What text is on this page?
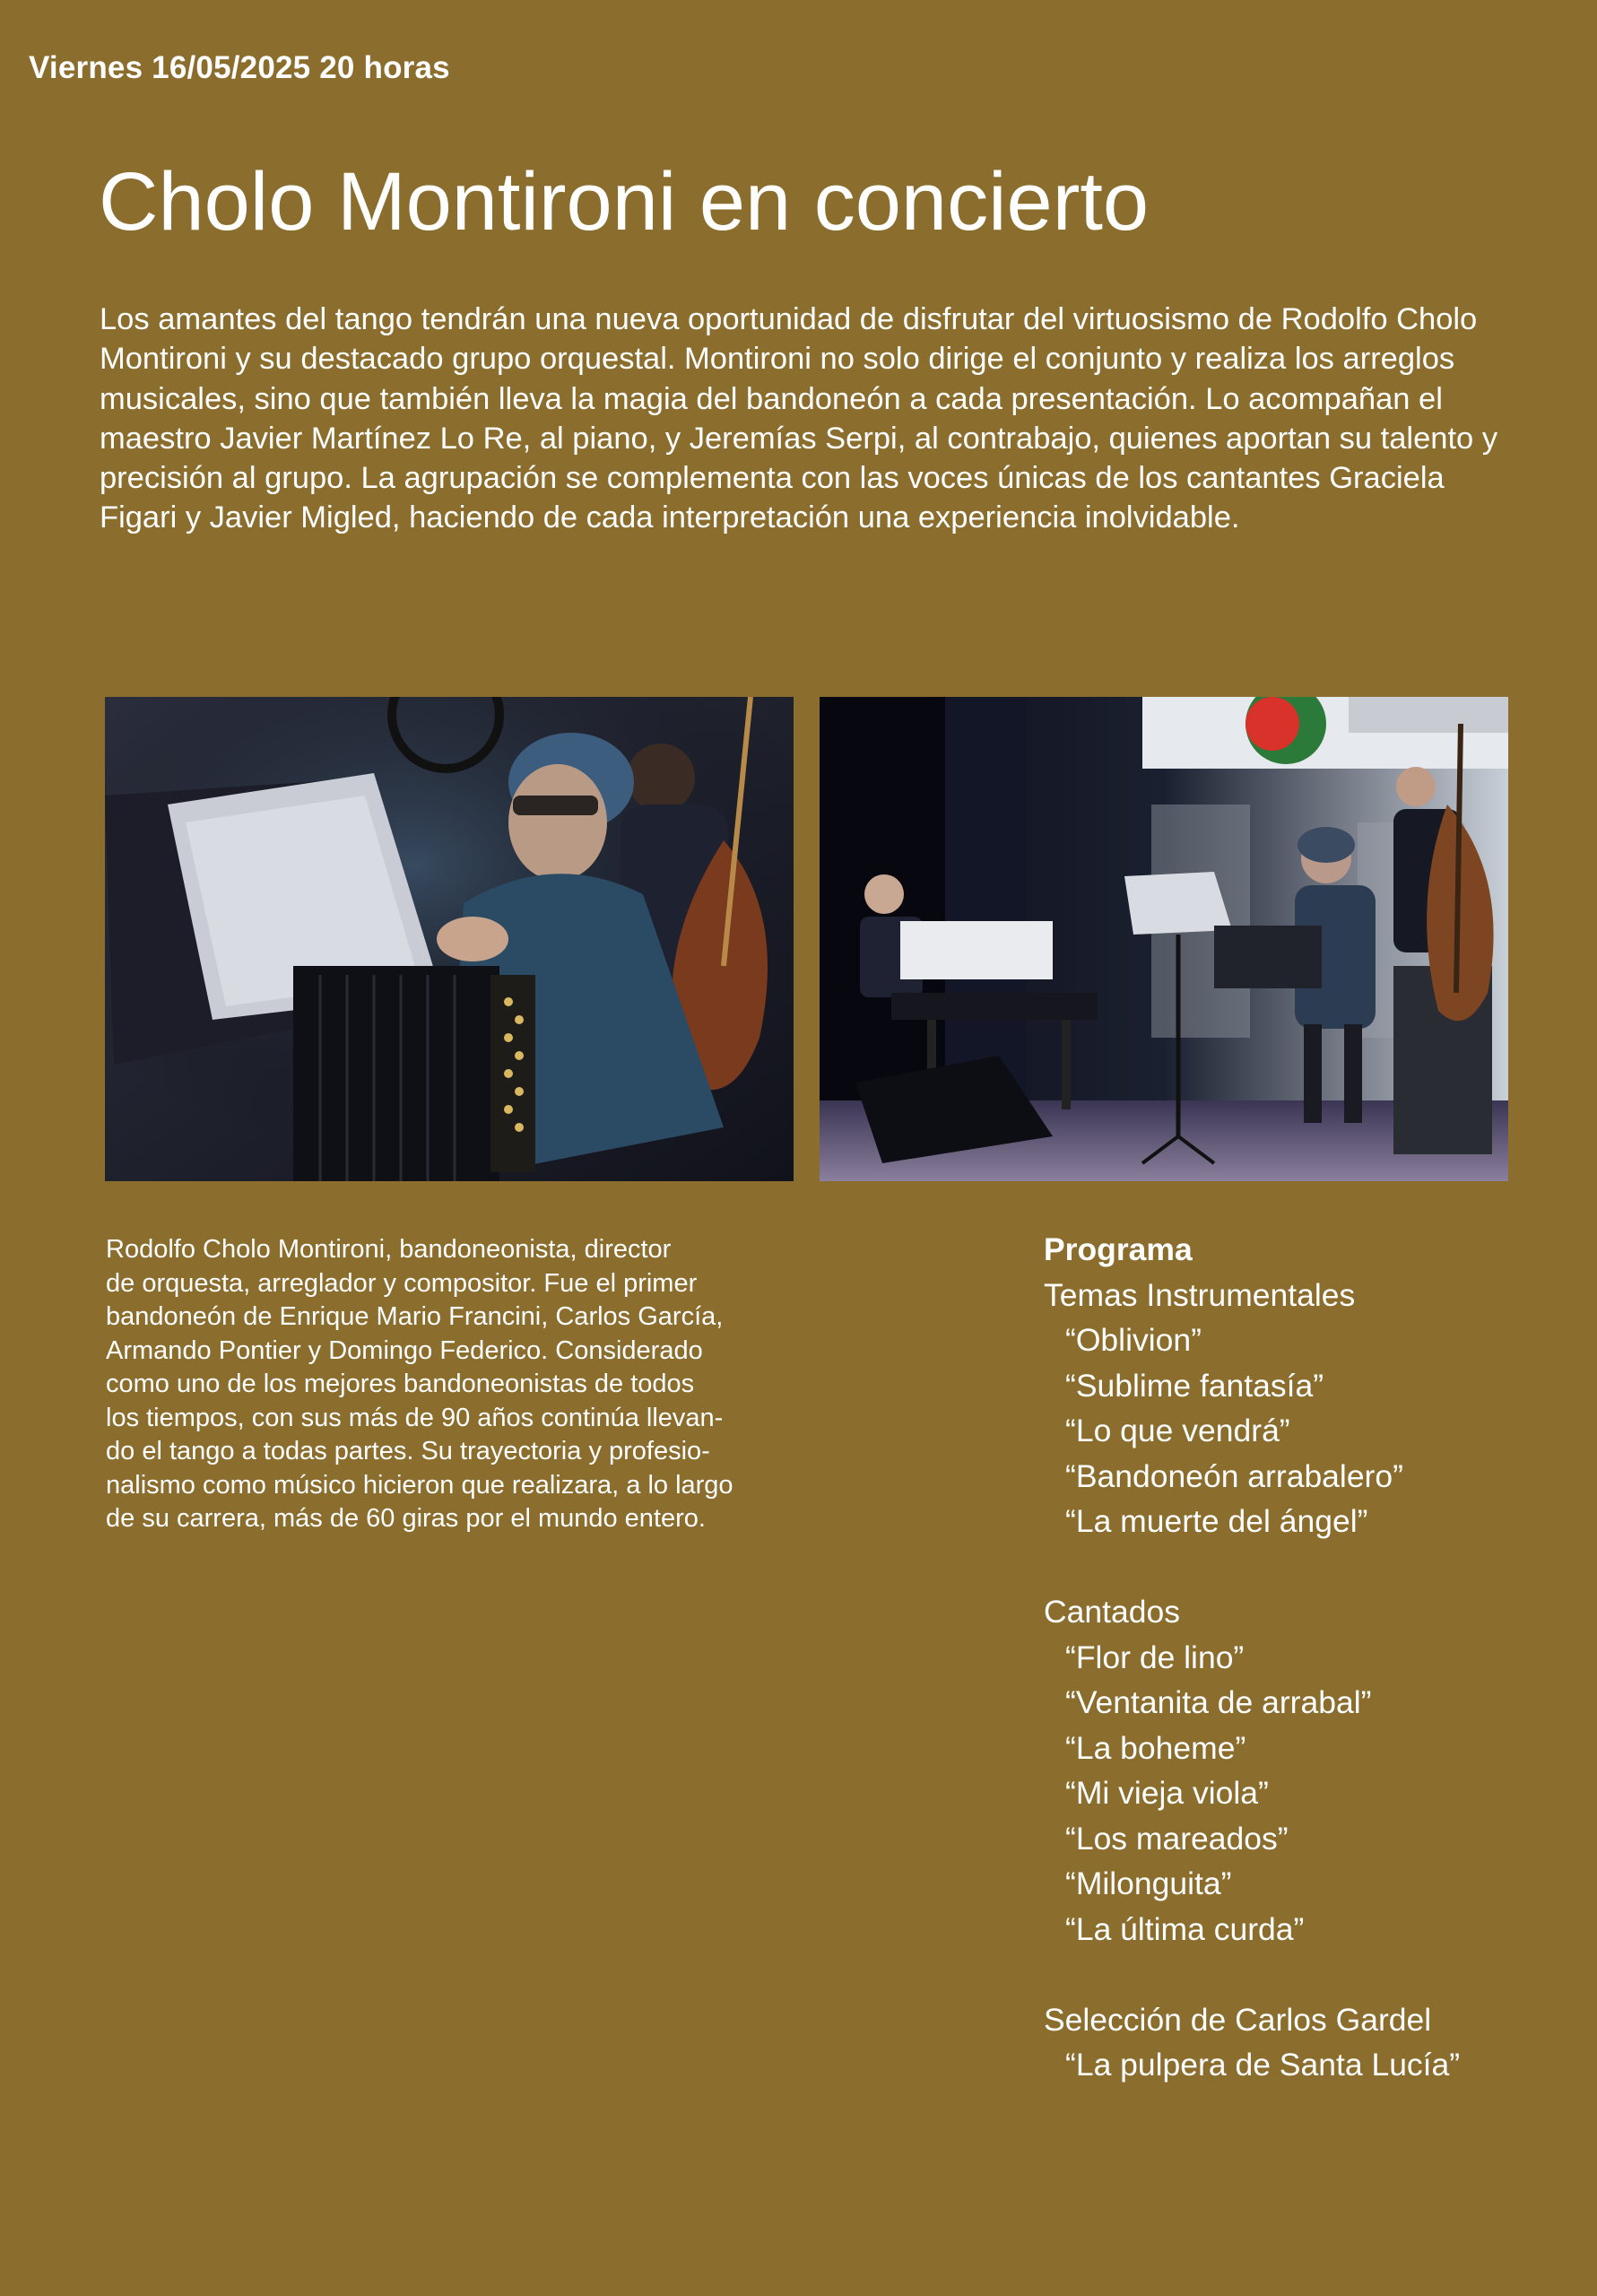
Viernes 16/05/2025 20 horas
Cholo Montironi en concierto

Los amantes del tango tendrán una nueva oportunidad de disfrutar del virtuosismo de Rodolfo Cholo Montironi y su destacado grupo orquestal. Montironi no solo dirige el conjunto y realiza los arreglos musicales, sino que también lleva la magia del bandoneón a cada presentación. Lo acompañan el maestro Javier Martínez Lo Re, al piano, y Jeremías Serpi, al contrabajo, quienes aportan su talento y precisión al grupo. La agrupación se complementa con las voces únicas de los cantantes Graciela Figari y Javier Migled, haciendo de cada interpretación una experiencia inolvidable.

Rodolfo Cholo Montironi, bandoneonista, director
de orquesta, arreglador y compositor. Fue el primer
bandoneón de Enrique Mario Francini, Carlos García,
Armando Pontier y Domingo Federico. Considerado
como uno de los mejores bandoneonistas de todos
los tiempos, con sus más de 90 años continúa llevan-
do el tango a todas partes. Su trayectoria y profesio-
nalismo como músico hicieron que realizara, a lo largo
de su carrera, más de 60 giras por el mundo entero.

Programa
Temas Instrumentales
“Oblivion”
“Sublime fantasía”
“Lo que vendrá”
“Bandoneón arrabalero”
“La muerte del ángel”
Cantados
“Flor de lino”
“Ventanita de arrabal”
“La boheme”
“Mi vieja viola”
“Los mareados”
“Milonguita”
“La última curda”
Selección de Carlos Gardel
“La pulpera de Santa Lucía”
